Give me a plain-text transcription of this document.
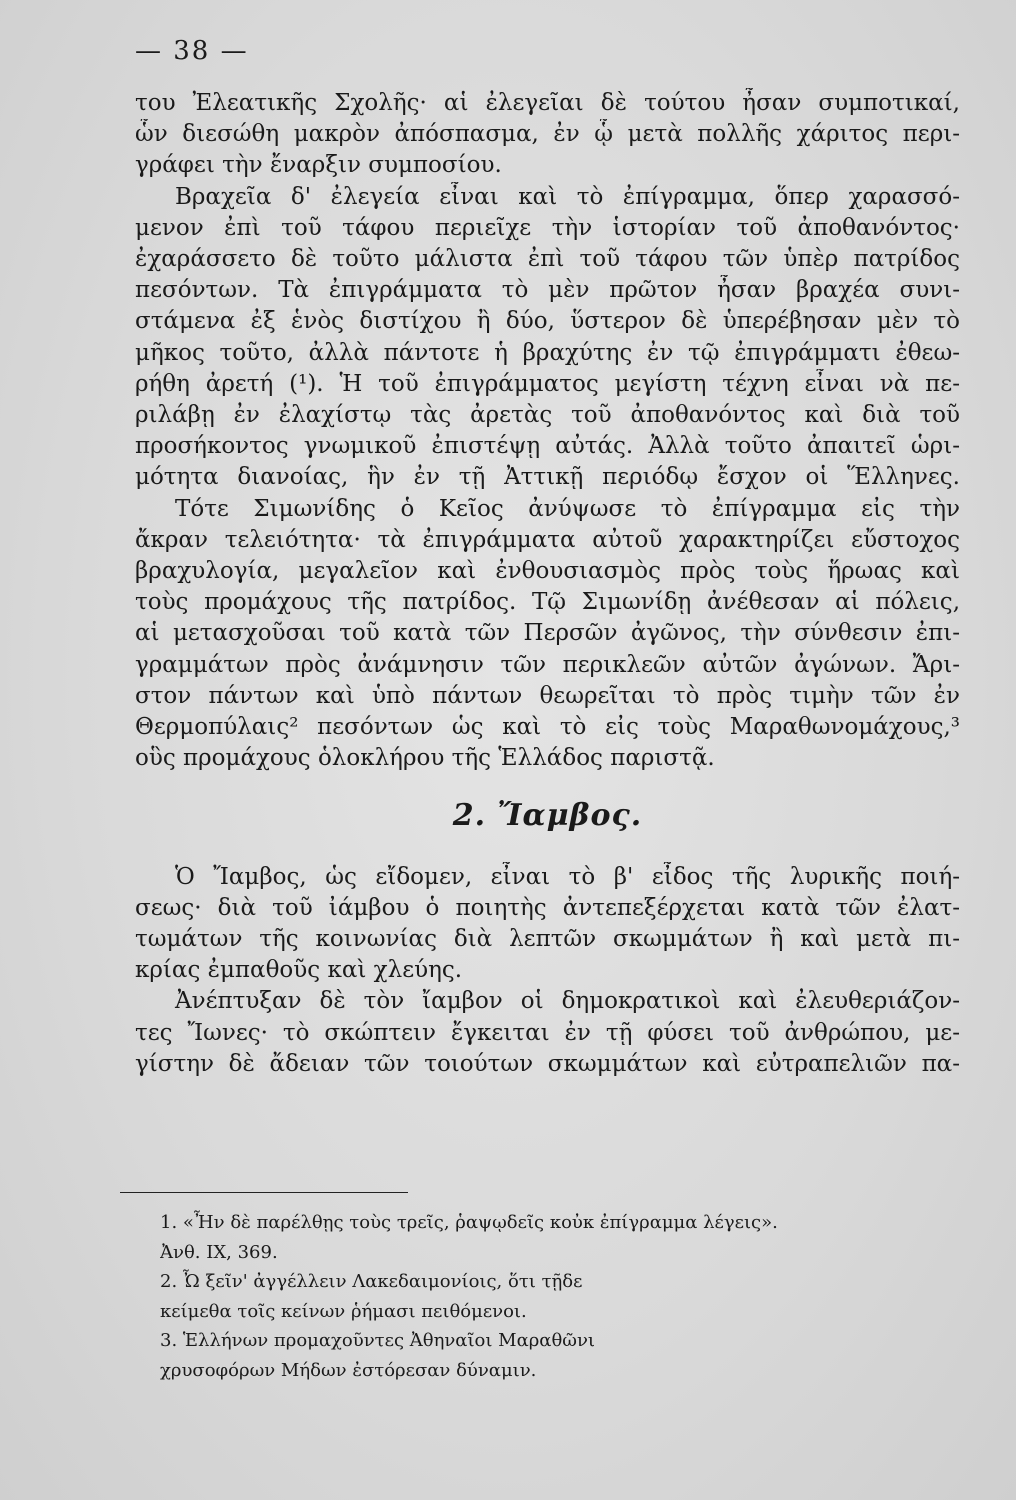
— 38 —
του Ἐλεατικῆς Σχολῆς· αἱ ἐλεγεῖαι δὲ τούτου ἦσαν συμποτικαί,
ὧν διεσώθη μακρὸν ἀπόσπασμα, ἐν ᾧ μετὰ πολλῆς χάριτος περι-
γράφει τὴν ἔναρξιν συμποσίου.
Βραχεῖα δ' ἐλεγεία εἶναι καὶ τὸ ἐπίγραμμα, ὅπερ χαρασσό-
μενον ἐπὶ τοῦ τάφου περιεῖχε τὴν ἱστορίαν τοῦ ἀποθανόντος·
ἐχαράσσετο δὲ τοῦτο μάλιστα ἐπὶ τοῦ τάφου τῶν ὑπὲρ πατρίδος
πεσόντων. Τὰ ἐπιγράμματα τὸ μὲν πρῶτον ἦσαν βραχέα συνι-
στάμενα ἐξ ἑνὸς διστίχου ἢ δύο, ὕστερον δὲ ὑπερέβησαν μὲν τὸ
μῆκος τοῦτο, ἀλλὰ πάντοτε ἡ βραχύτης ἐν τῷ ἐπιγράμματι ἐθεω-
ρήθη ἀρετή (¹). Ἡ τοῦ ἐπιγράμματος μεγίστη τέχνη εἶναι νὰ πε-
ριλάβῃ ἐν ἐλαχίστῳ τὰς ἀρετὰς τοῦ ἀποθανόντος καὶ διὰ τοῦ
προσήκοντος γνωμικοῦ ἐπιστέψῃ αὐτάς. Ἀλλὰ τοῦτο ἀπαιτεῖ ὡρι-
μότητα διανοίας, ἣν ἐν τῇ Ἀττικῇ περιόδῳ ἔσχον οἱ Ἕλληνες.
Τότε Σιμωνίδης ὁ Κεῖος ἀνύψωσε τὸ ἐπίγραμμα εἰς τὴν
ἄκραν τελειότητα· τὰ ἐπιγράμματα αὐτοῦ χαρακτηρίζει εὔστοχος
βραχυλογία, μεγαλεῖον καὶ ἐνθουσιασμὸς πρὸς τοὺς ἥρωας καὶ
τοὺς προμάχους τῆς πατρίδος. Τῷ Σιμωνίδῃ ἀνέθεσαν αἱ πόλεις,
αἱ μετασχοῦσαι τοῦ κατὰ τῶν Περσῶν ἀγῶνος, τὴν σύνθεσιν ἐπι-
γραμμάτων πρὸς ἀνάμνησιν τῶν περικλεῶν αὐτῶν ἀγώνων. Ἄρι-
στον πάντων καὶ ὑπὸ πάντων θεωρεῖται τὸ πρὸς τιμὴν τῶν ἐν
Θερμοπύλαις² πεσόντων ὡς καὶ τὸ εἰς τοὺς Μαραθωνομάχους,³
οὓς προμάχους ὁλοκλήρου τῆς Ἑλλάδος παριστᾷ.
2. Ἴαμβος.
Ὁ Ἴαμβος, ὡς εἴδομεν, εἶναι τὸ β' εἶδος τῆς λυρικῆς ποιή-
σεως· διὰ τοῦ ἰάμβου ὁ ποιητὴς ἀντεπεξέρχεται κατὰ τῶν ἐλατ-
τωμάτων τῆς κοινωνίας διὰ λεπτῶν σκωμμάτων ἢ καὶ μετὰ πι-
κρίας ἐμπαθοῦς καὶ χλεύης.
Ἀνέπτυξαν δὲ τὸν ἴαμβον οἱ δημοκρατικοὶ καὶ ἐλευθεριάζον-
τες Ἴωνες· τὸ σκώπτειν ἔγκειται ἐν τῇ φύσει τοῦ ἀνθρώπου, με-
γίστην δὲ ἄδειαν τῶν τοιούτων σκωμμάτων καὶ εὐτραπελιῶν πα-
1. «Ἦν δὲ παρέλθῃς τοὺς τρεῖς, ῥαψῳδεῖς κοὐκ ἐπίγραμμα λέγεις».
Ἀνθ. IX, 369.
2. Ὦ ξεῖν' ἀγγέλλειν Λακεδαιμονίοις, ὅτι τῇδε
κείμεθα τοῖς κείνων ῥήμασι πειθόμενοι.
3. Ἑλλήνων προμαχοῦντες Ἀθηναῖοι Μαραθῶνι
χρυσοφόρων Μήδων ἐστόρεσαν δύναμιν.
